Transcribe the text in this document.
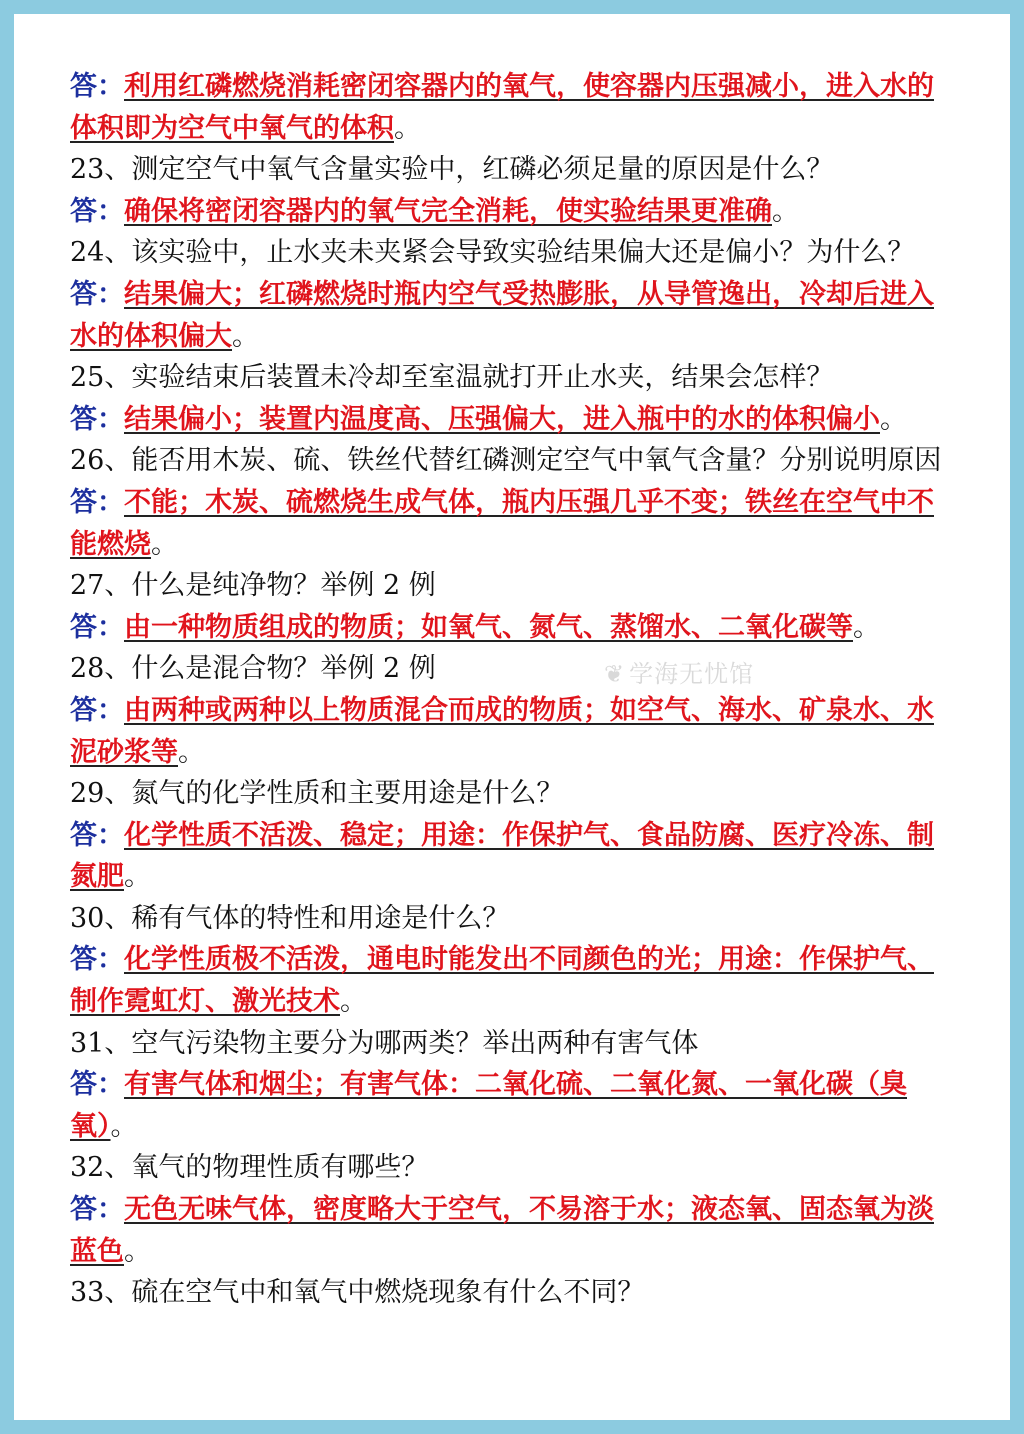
答：利用红磷燃烧消耗密闭容器内的氧气，使容器内压强减小，进入水的体积即为空气中氧气的体积。

23、测定空气中氧气含量实验中，红磷必须足量的原因是什么？

答：确保将密闭容器内的氧气完全消耗，使实验结果更准确。

24、该实验中，止水夹未夹紧会导致实验结果偏大还是偏小？为什么？

答：结果偏大；红磷燃烧时瓶内空气受热膨胀，从导管逸出，冷却后进入水的体积偏大。

25、实验结束后装置未冷却至室温就打开止水夹，结果会怎样？

答：结果偏小；装置内温度高、压强偏大，进入瓶中的水的体积偏小。

26、能否用木炭、硫、铁丝代替红磷测定空气中氧气含量？分别说明原因

答：不能；木炭、硫燃烧生成气体，瓶内压强几乎不变；铁丝在空气中不能燃烧。

27、什么是纯净物？举例 2 例

答：由一种物质组成的物质；如氧气、氮气、蒸馏水、二氧化碳等。

28、什么是混合物？举例 2 例

答：由两种或两种以上物质混合而成的物质；如空气、海水、矿泉水、水泥砂浆等。

29、氮气的化学性质和主要用途是什么？

答：化学性质不活泼、稳定；用途：作保护气、食品防腐、医疗冷冻、制氮肥。

30、稀有气体的特性和用途是什么？

答：化学性质极不活泼，通电时能发出不同颜色的光；用途：作保护气、制作霓虹灯、激光技术。

31、空气污染物主要分为哪两类？举出两种有害气体

答：有害气体和烟尘；有害气体：二氧化硫、二氧化氮、一氧化碳（臭氧）。

32、氧气的物理性质有哪些？

答：无色无味气体，密度略大于空气，不易溶于水；液态氧、固态氧为淡蓝色。

33、硫在空气中和氧气中燃烧现象有什么不同？

❦ 学海无忧馆
